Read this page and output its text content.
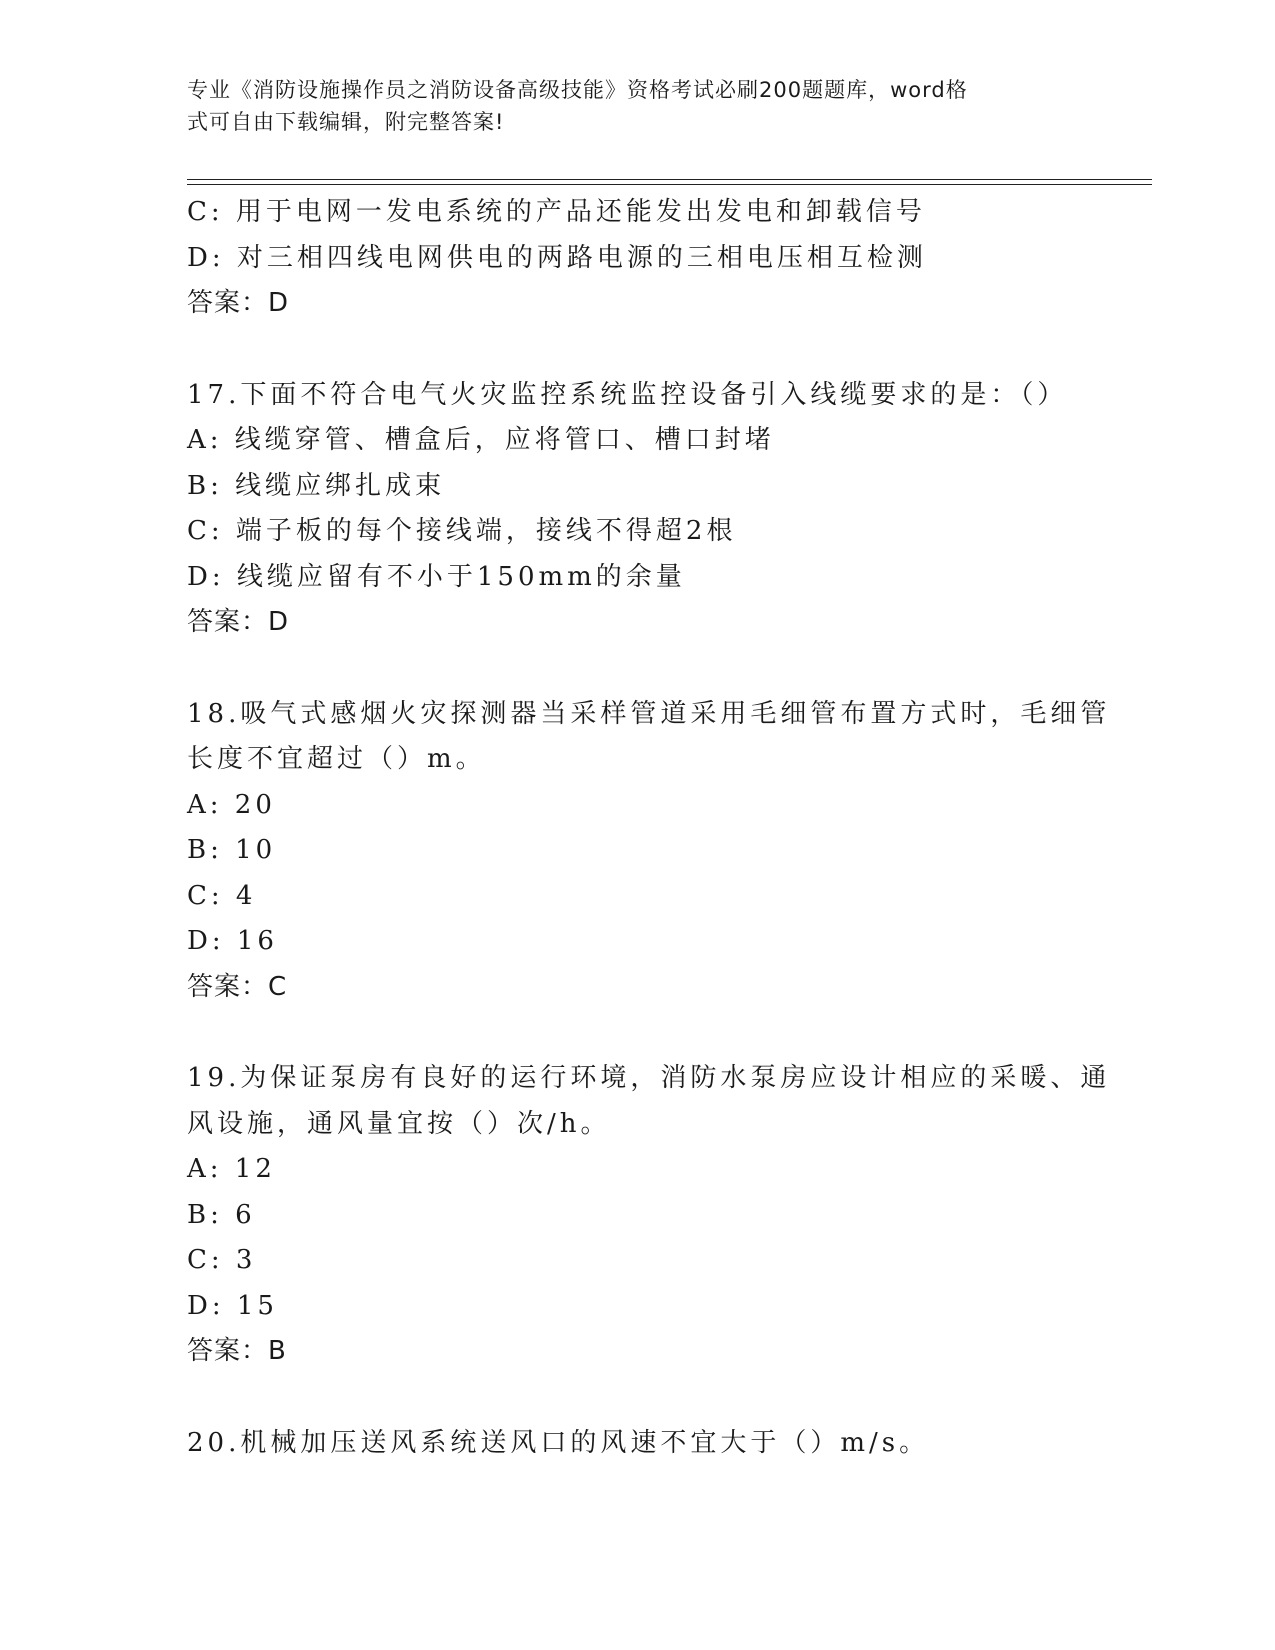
专业《消防设施操作员之消防设备高级技能》资格考试必刷200题题库，word格
式可自由下载编辑，附完整答案!
C: 用于电网一发电系统的产品还能发出发电和卸载信号
D: 对三相四线电网供电的两路电源的三相电压相互检测
答案：D
17.下面不符合电气火灾监控系统监控设备引入线缆要求的是：（）
A: 线缆穿管、槽盒后，应将管口、槽口封堵
B: 线缆应绑扎成束
C: 端子板的每个接线端，接线不得超2根
D: 线缆应留有不小于150mm的余量
答案：D
18.吸气式感烟火灾探测器当采样管道采用毛细管布置方式时，毛细管
长度不宜超过（）m。
A: 20
B: 10
C: 4
D: 16
答案：C
19.为保证泵房有良好的运行环境，消防水泵房应设计相应的采暖、通
风设施，通风量宜按（）次/h。
A: 12
B: 6
C: 3
D: 15
答案：B
20.机械加压送风系统送风口的风速不宜大于（）m/s。
